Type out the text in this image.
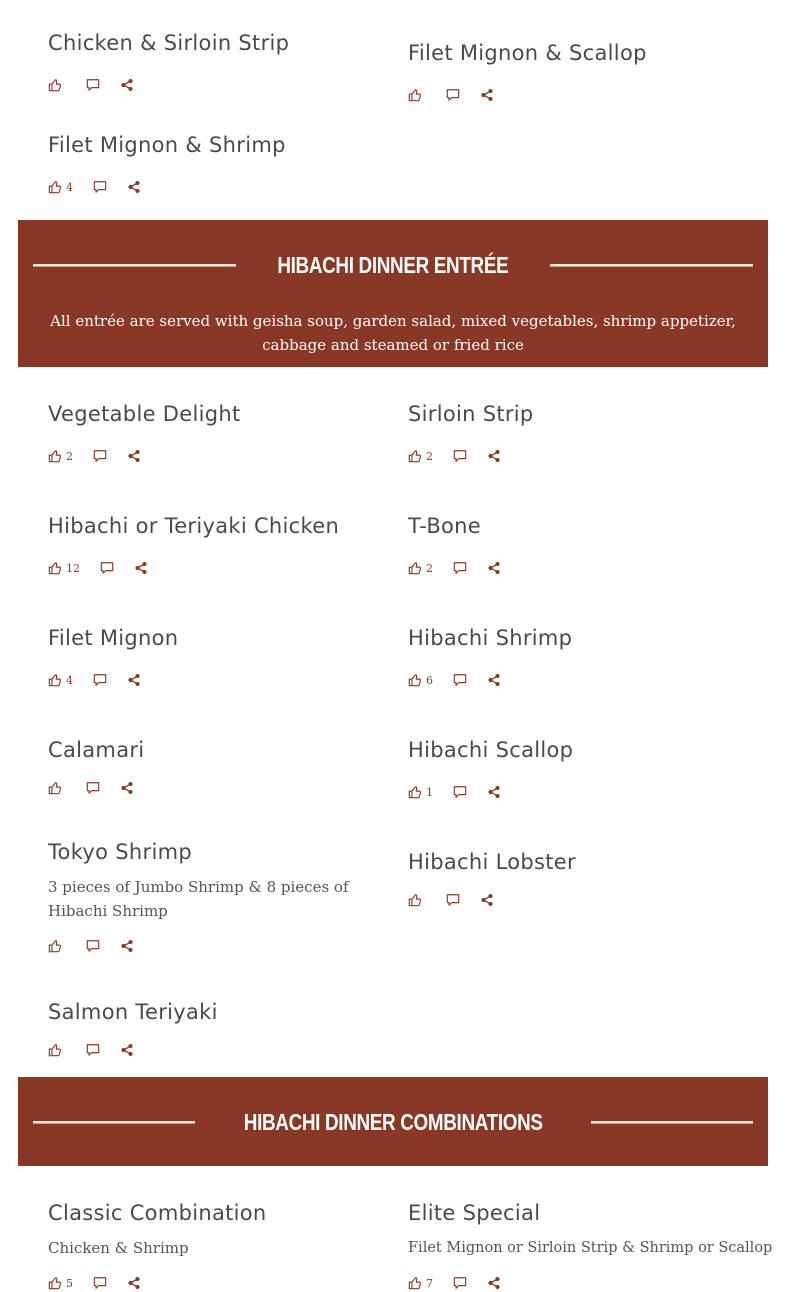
Chicken & Sirloin Strip	Filet Mignon & Scallop
Filet Mignon & Shrimp
4
HIBACHI DINNER ENTRÉE
All entrée are served with geisha soup, garden salad, mixed vegetables, shrimp appetizer, cabbage and steamed or fried rice
Vegetable Delight
2
Sirloin Strip
2
Hibachi or Teriyaki Chicken
12
T-Bone
2
Filet Mignon
4
Hibachi Shrimp
6
Calamari	Hibachi Scallop
1
Tokyo Shrimp
3 pieces of Jumbo Shrimp & 8 pieces of Hibachi Shrimp
Hibachi Lobster
Salmon Teriyaki
HIBACHI DINNER COMBINATIONS
Classic Combination
Chicken & Shrimp
5
Elite Special
Filet Mignon or Sirloin Strip & Shrimp or Scallop
7
